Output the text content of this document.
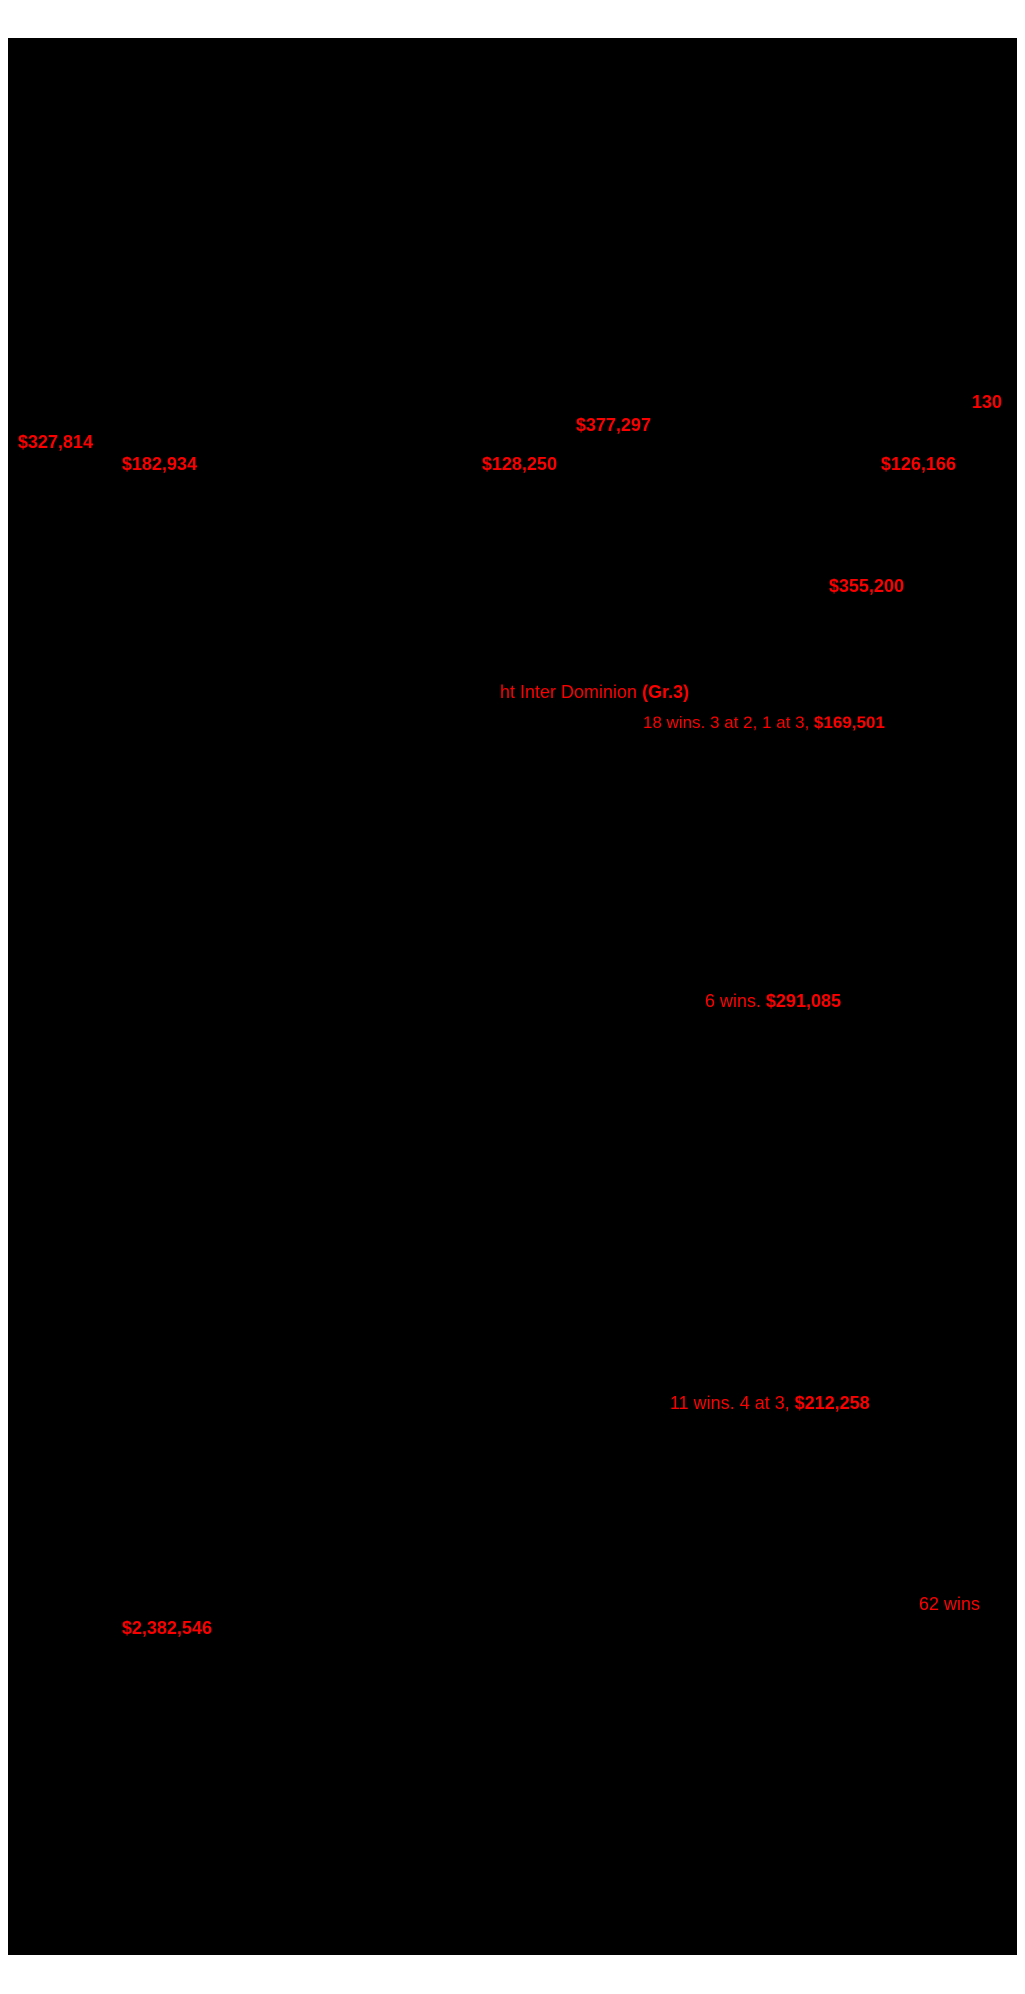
130
$377,297
$327,814
$182,934	$128,250	$126,166
$355,200
ht Inter Dominion (Gr.3)
18 wins. 3 at 2, 1 at 3, $169,501
6 wins. $291,085
11 wins. 4 at 3, $212,258
62 wins
$2,382,546
